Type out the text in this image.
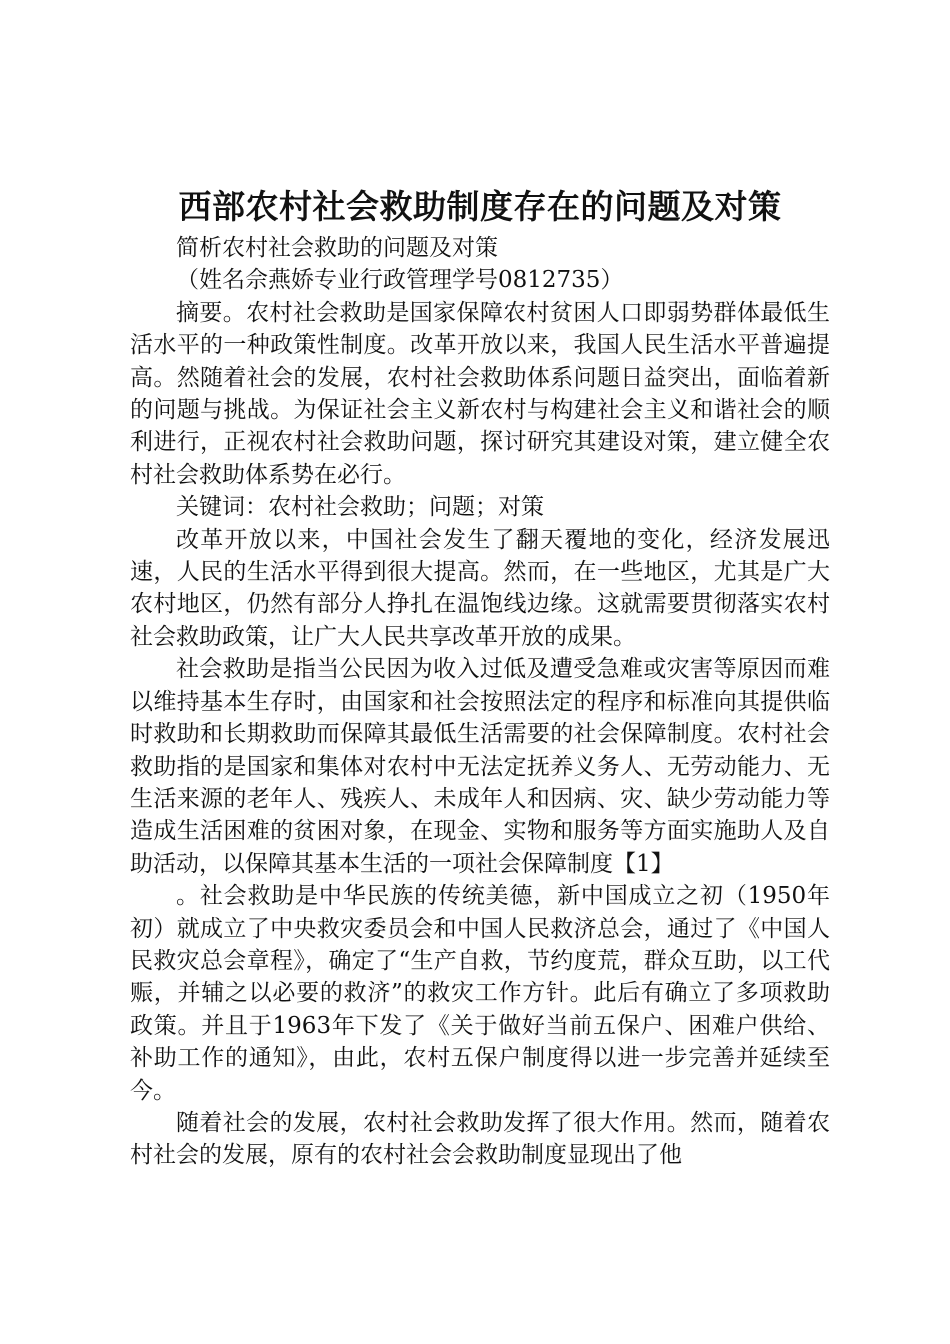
西部农村社会救助制度存在的问题及对策

简析农村社会救助的问题及对策

（姓名佘燕娇专业行政管理学号0812735）

摘要。农村社会救助是国家保障农村贫困人口即弱势群体最低生活水平的一种政策性制度。改革开放以来，我国人民生活水平普遍提高。然随着社会的发展，农村社会救助体系问题日益突出，面临着新的问题与挑战。为保证社会主义新农村与构建社会主义和谐社会的顺利进行，正视农村社会救助问题，探讨研究其建设对策，建立健全农村社会救助体系势在必行。

关键词：农村社会救助；问题；对策

改革开放以来，中国社会发生了翻天覆地的变化，经济发展迅速，人民的生活水平得到很大提高。然而，在一些地区，尤其是广大农村地区，仍然有部分人挣扎在温饱线边缘。这就需要贯彻落实农村社会救助政策，让广大人民共享改革开放的成果。

社会救助是指当公民因为收入过低及遭受急难或灾害等原因而难以维持基本生存时，由国家和社会按照法定的程序和标准向其提供临时救助和长期救助而保障其最低生活需要的社会保障制度。农村社会救助指的是国家和集体对农村中无法定抚养义务人、无劳动能力、无生活来源的老年人、残疾人、未成年人和因病、灾、缺少劳动能力等造成生活困难的贫困对象，在现金、实物和服务等方面实施助人及自助活动，以保障其基本生活的一项社会保障制度【1】

。社会救助是中华民族的传统美德，新中国成立之初（1950年初）就成立了中央救灾委员会和中国人民救济总会，通过了《中国人民救灾总会章程》，确定了“生产自救，节约度荒，群众互助，以工代赈，并辅之以必要的救济”的救灾工作方针。此后有确立了多项救助政策。并且于1963年下发了《关于做好当前五保户、困难户供给、补助工作的通知》，由此，农村五保户制度得以进一步完善并延续至今。

随着社会的发展，农村社会救助发挥了很大作用。然而，随着农村社会的发展，原有的农村社会会救助制度显现出了他
